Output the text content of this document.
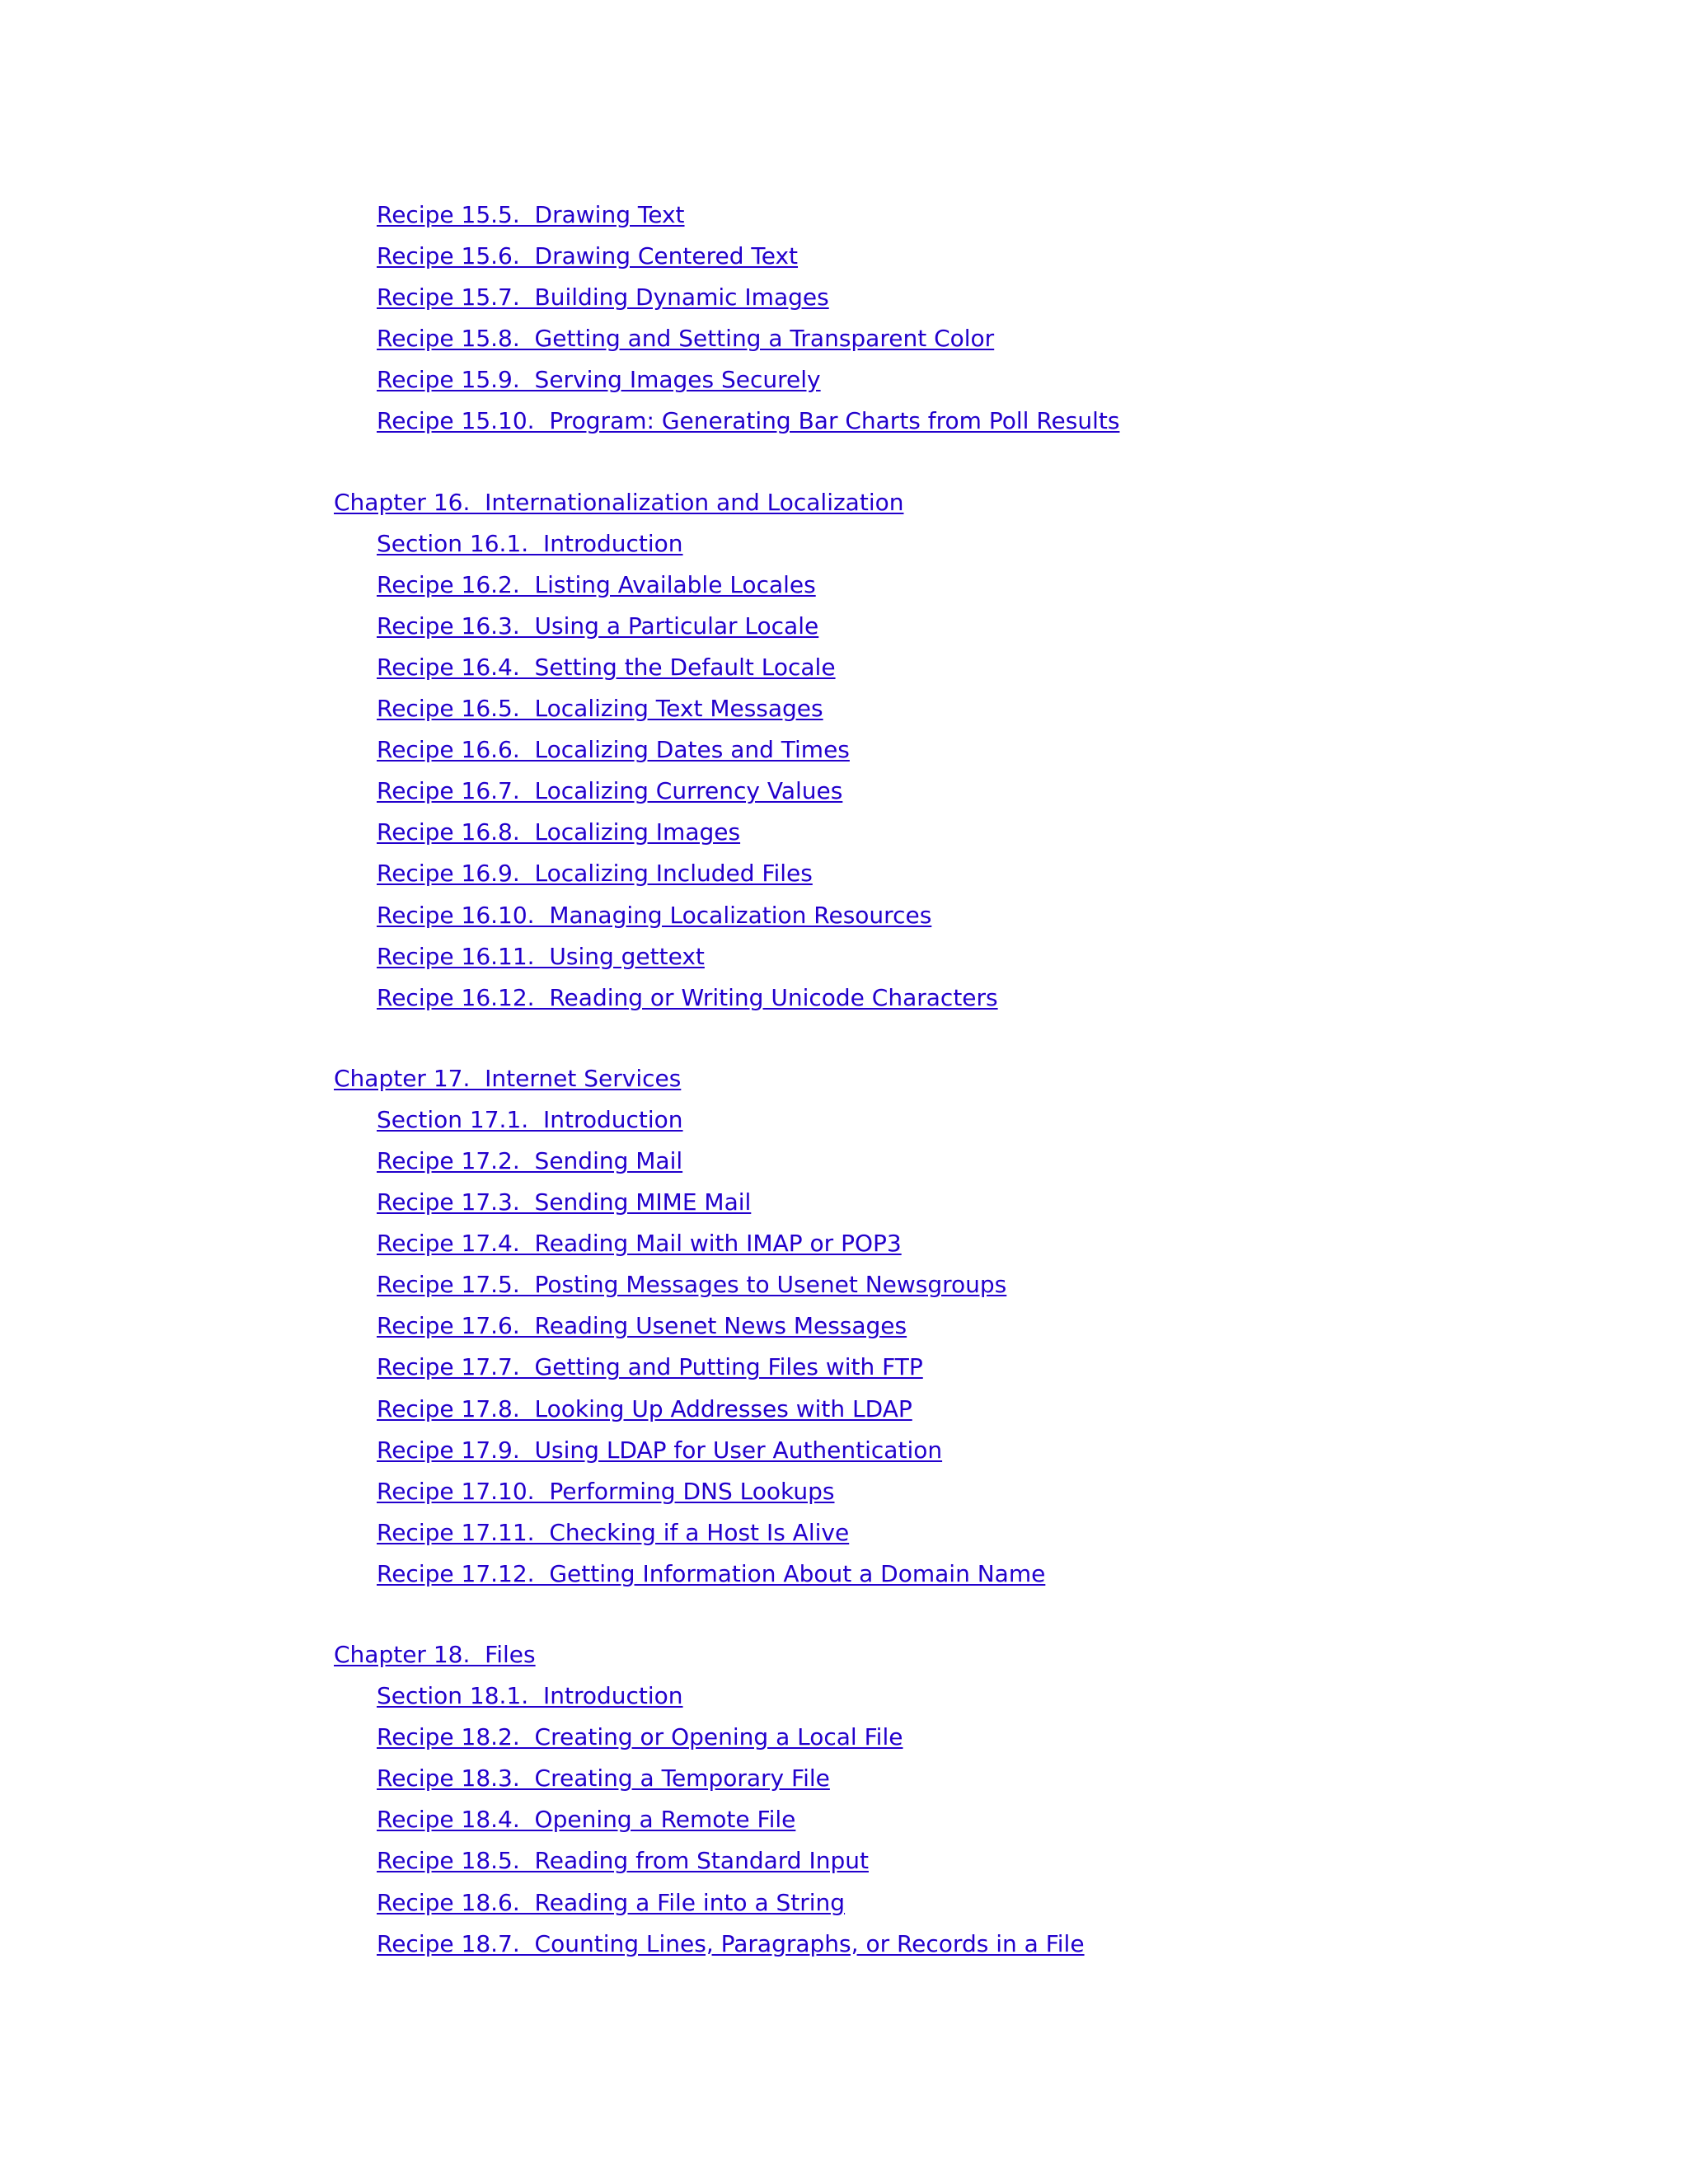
Recipe 15.5.  Drawing Text
Recipe 15.6.  Drawing Centered Text
Recipe 15.7.  Building Dynamic Images
Recipe 15.8.  Getting and Setting a Transparent Color
Recipe 15.9.  Serving Images Securely
Recipe 15.10.  Program: Generating Bar Charts from Poll Results
Chapter 16.  Internationalization and Localization
Section 16.1.  Introduction
Recipe 16.2.  Listing Available Locales
Recipe 16.3.  Using a Particular Locale
Recipe 16.4.  Setting the Default Locale
Recipe 16.5.  Localizing Text Messages
Recipe 16.6.  Localizing Dates and Times
Recipe 16.7.  Localizing Currency Values
Recipe 16.8.  Localizing Images
Recipe 16.9.  Localizing Included Files
Recipe 16.10.  Managing Localization Resources
Recipe 16.11.  Using gettext
Recipe 16.12.  Reading or Writing Unicode Characters
Chapter 17.  Internet Services
Section 17.1.  Introduction
Recipe 17.2.  Sending Mail
Recipe 17.3.  Sending MIME Mail
Recipe 17.4.  Reading Mail with IMAP or POP3
Recipe 17.5.  Posting Messages to Usenet Newsgroups
Recipe 17.6.  Reading Usenet News Messages
Recipe 17.7.  Getting and Putting Files with FTP
Recipe 17.8.  Looking Up Addresses with LDAP
Recipe 17.9.  Using LDAP for User Authentication
Recipe 17.10.  Performing DNS Lookups
Recipe 17.11.  Checking if a Host Is Alive
Recipe 17.12.  Getting Information About a Domain Name
Chapter 18.  Files
Section 18.1.  Introduction
Recipe 18.2.  Creating or Opening a Local File
Recipe 18.3.  Creating a Temporary File
Recipe 18.4.  Opening a Remote File
Recipe 18.5.  Reading from Standard Input
Recipe 18.6.  Reading a File into a String
Recipe 18.7.  Counting Lines, Paragraphs, or Records in a File
